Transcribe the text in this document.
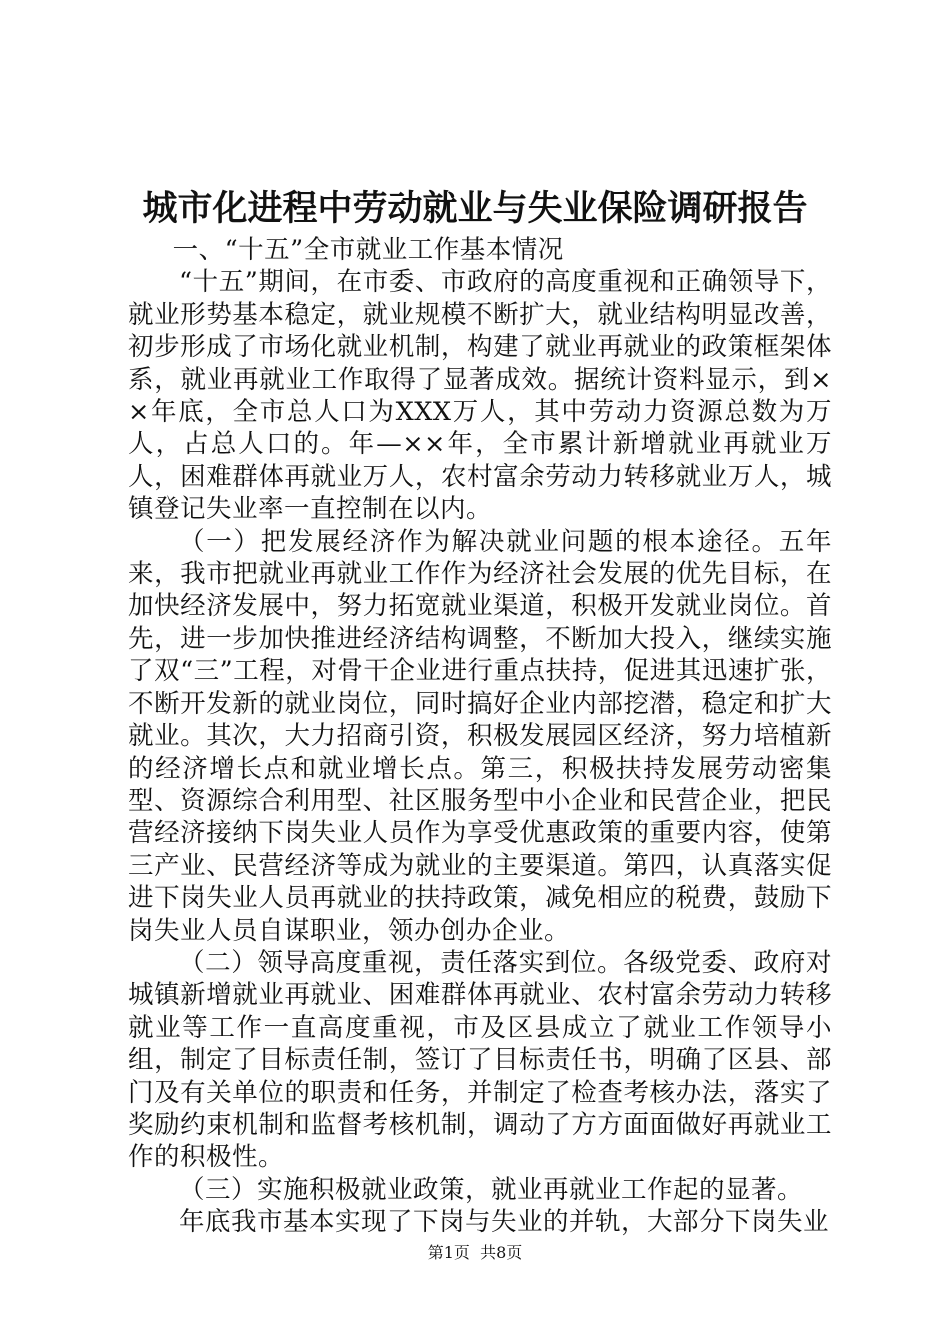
城市化进程中劳动就业与失业保险调研报告

一、“十五”全市就业工作基本情况

“十五”期间，在市委、市政府的高度重视和正确领导下，就业形势基本稳定，就业规模不断扩大，就业结构明显改善，初步形成了市场化就业机制，构建了就业再就业的政策框架体系，就业再就业工作取得了显著成效。据统计资料显示，到××年底，全市总人口为XXX万人，其中劳动力资源总数为万人，占总人口的。年—××年，全市累计新增就业再就业万人，困难群体再就业万人，农村富余劳动力转移就业万人，城镇登记失业率一直控制在以内。

（一）把发展经济作为解决就业问题的根本途径。五年来，我市把就业再就业工作作为经济社会发展的优先目标，在加快经济发展中，努力拓宽就业渠道，积极开发就业岗位。首先，进一步加快推进经济结构调整，不断加大投入，继续实施了双“三”工程，对骨干企业进行重点扶持，促进其迅速扩张，不断开发新的就业岗位，同时搞好企业内部挖潜，稳定和扩大就业。其次，大力招商引资，积极发展园区经济，努力培植新的经济增长点和就业增长点。第三，积极扶持发展劳动密集型、资源综合利用型、社区服务型中小企业和民营企业，把民营经济接纳下岗失业人员作为享受优惠政策的重要内容，使第三产业、民营经济等成为就业的主要渠道。第四，认真落实促进下岗失业人员再就业的扶持政策，减免相应的税费，鼓励下岗失业人员自谋职业，领办创办企业。

（二）领导高度重视，责任落实到位。各级党委、政府对城镇新增就业再就业、困难群体再就业、农村富余劳动力转移就业等工作一直高度重视，市及区县成立了就业工作领导小组，制定了目标责任制，签订了目标责任书，明确了区县、部门及有关单位的职责和任务，并制定了检查考核办法，落实了奖励约束机制和监督考核机制，调动了方方面面做好再就业工作的积极性。

（三）实施积极就业政策，就业再就业工作起的显著。

年底我市基本实现了下岗与失业的并轨，大部分下岗失业

第1页 共8页
